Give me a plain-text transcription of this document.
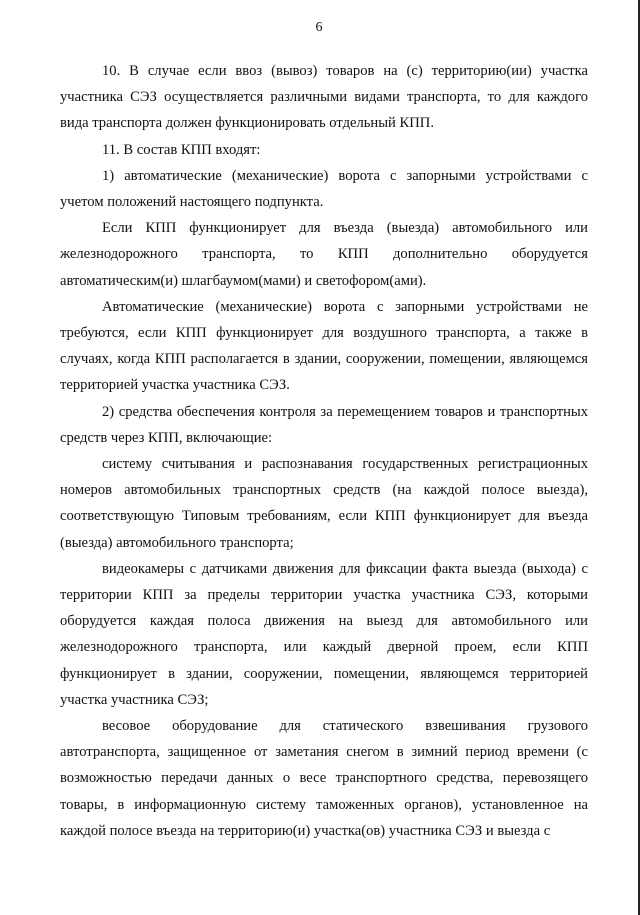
6

10. В случае если ввоз (вывоз) товаров на (с) территорию(ии) участка участника СЭЗ осуществляется различными видами транспорта, то для каждого вида транспорта должен функционировать отдельный КПП.

11. В состав КПП входят:

1) автоматические (механические) ворота с запорными устройствами с учетом положений настоящего подпункта.

Если КПП функционирует для въезда (выезда) автомобильного или железнодорожного транспорта, то КПП дополнительно оборудуется автоматическим(и) шлагбаумом(мами) и светофором(ами).

Автоматические (механические) ворота с запорными устройствами не требуются, если КПП функционирует для воздушного транспорта, а также в случаях, когда КПП располагается в здании, сооружении, помещении, являющемся территорией участка участника СЭЗ.

2) средства обеспечения контроля за перемещением товаров и транспортных средств через КПП, включающие:

систему считывания и распознавания государственных регистрационных номеров автомобильных транспортных средств (на каждой полосе выезда), соответствующую Типовым требованиям, если КПП функционирует для въезда (выезда) автомобильного транспорта;

видеокамеры с датчиками движения для фиксации факта выезда (выхода) с территории КПП за пределы территории участка участника СЭЗ, которыми оборудуется каждая полоса движения на выезд для автомобильного или железнодорожного транспорта, или каждый дверной проем, если КПП функционирует в здании, сооружении, помещении, являющемся территорией участка участника СЭЗ;

весовое оборудование для статического взвешивания грузового автотранспорта, защищенное от заметания снегом в зимний период времени (с возможностью передачи данных о весе транспортного средства, перевозящего товары, в информационную систему таможенных органов), установленное на каждой полосе въезда на территорию(и) участка(ов) участника СЭЗ и выезда с
